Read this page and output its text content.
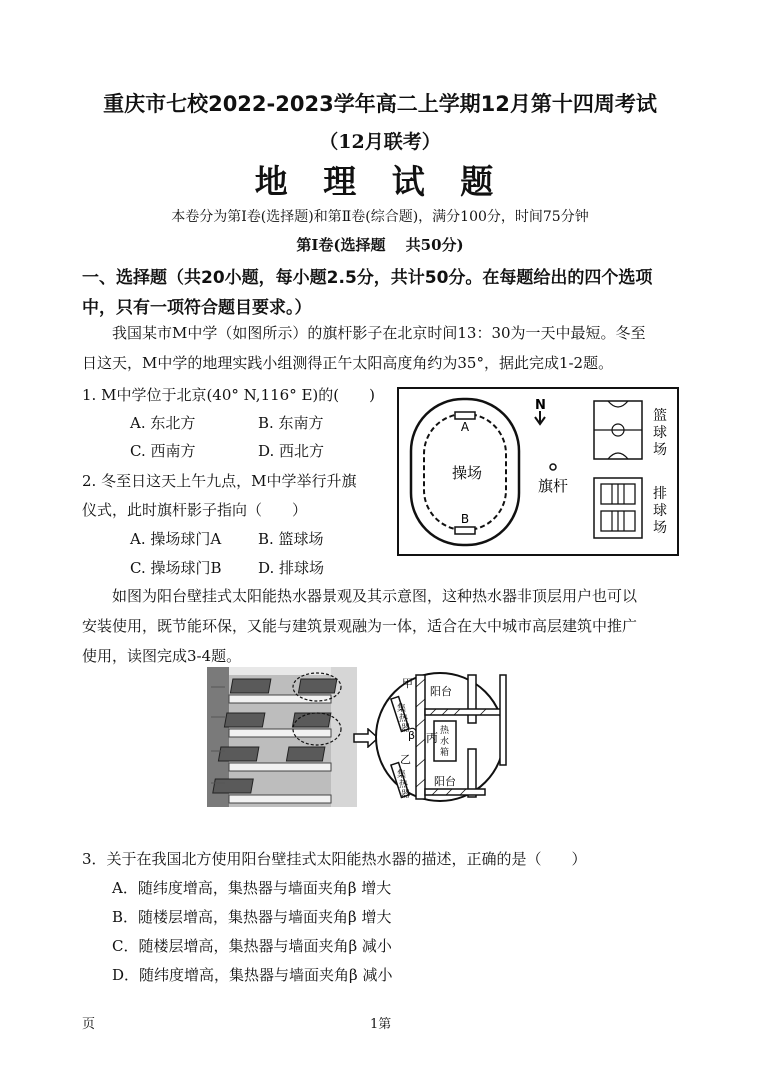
重庆市七校2022-2023学年高二上学期12月第十四周考试
（12月联考）
地 理 试 题
本卷分为第Ⅰ卷(选择题)和第Ⅱ卷(综合题)，满分100分，时间75分钟
第Ⅰ卷(选择题　 共50分)
一、选择题（共20小题，每小题2.5分，共计50分。在每题给出的四个选项
中，只有一项符合题目要求。）
我国某市M中学（如图所示）的旗杆影子在北京时间13：30为一天中最短。冬至
日这天，M中学的地理实践小组测得正午太阳高度角约为35°，据此完成1-2题。
1. M中学位于北京(40° N,116° E)的(　　)
A. 东北方	B. 东南方
C. 西南方	D. 西北方
2. 冬至日这天上午九点，M中学举行升旗
仪式，此时旗杆影子指向（　　）
A. 操场球门A B. 篮球场
C. 操场球门B D. 排球场
A
B
操场
N
旗杆
篮
球
场
排
球
场
如图为阳台壁挂式太阳能热水器景观及其示意图，这种热水器非顶层用户也可以
安装使用，既节能环保，又能与建筑景观融为一体，适合在大中城市高层建筑中推广
使用，读图完成3-4题。
甲
集
热
器
β
阳台
丙 热
水
箱
乙
集
热
器
阳台
3．关于在我国北方使用阳台壁挂式太阳能热水器的描述，正确的是（　　）
A．随纬度增高，集热器与墙面夹角β 增大
B．随楼层增高，集热器与墙面夹角β 增大
C．随楼层增高，集热器与墙面夹角β 减小
D．随纬度增高，集热器与墙面夹角β 减小
页	1第
